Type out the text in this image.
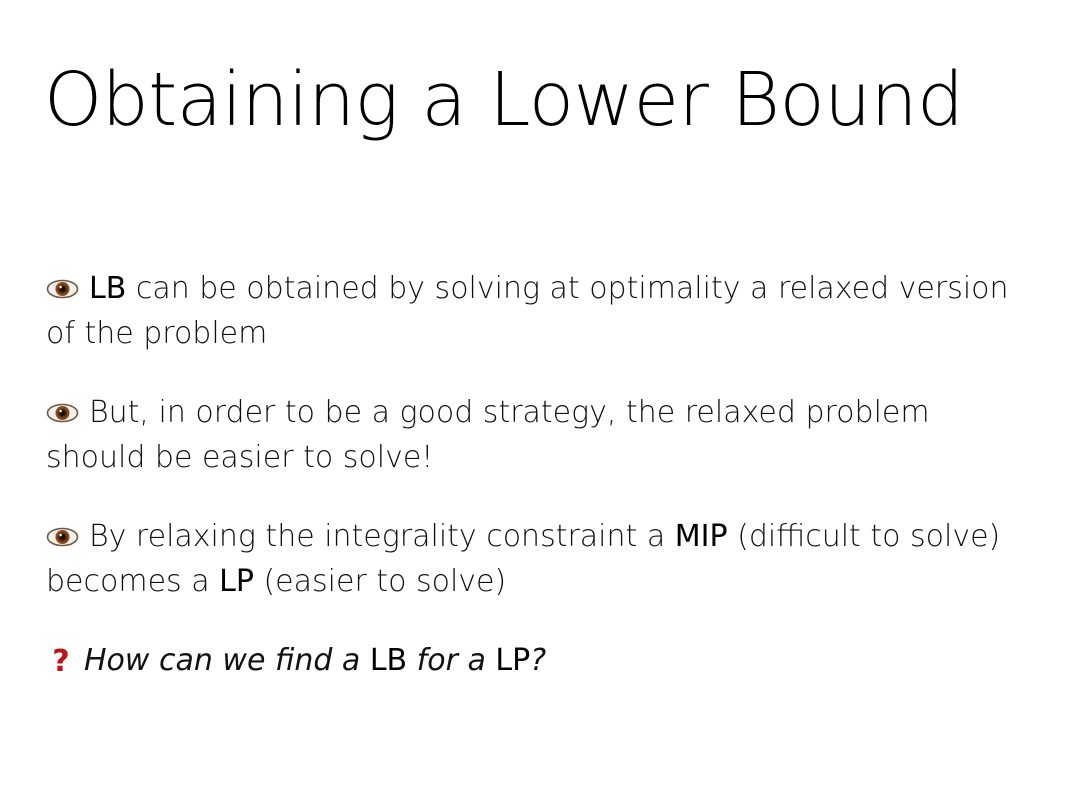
Obtaining a Lower Bound

LB can be obtained by solving at optimality a relaxed version of the problem

But, in order to be a good strategy, the relaxed problem should be easier to solve!

By relaxing the integrality constraint a MIP (difficult to solve) becomes a LP (easier to solve)

? How can we find a LB for a LP?
